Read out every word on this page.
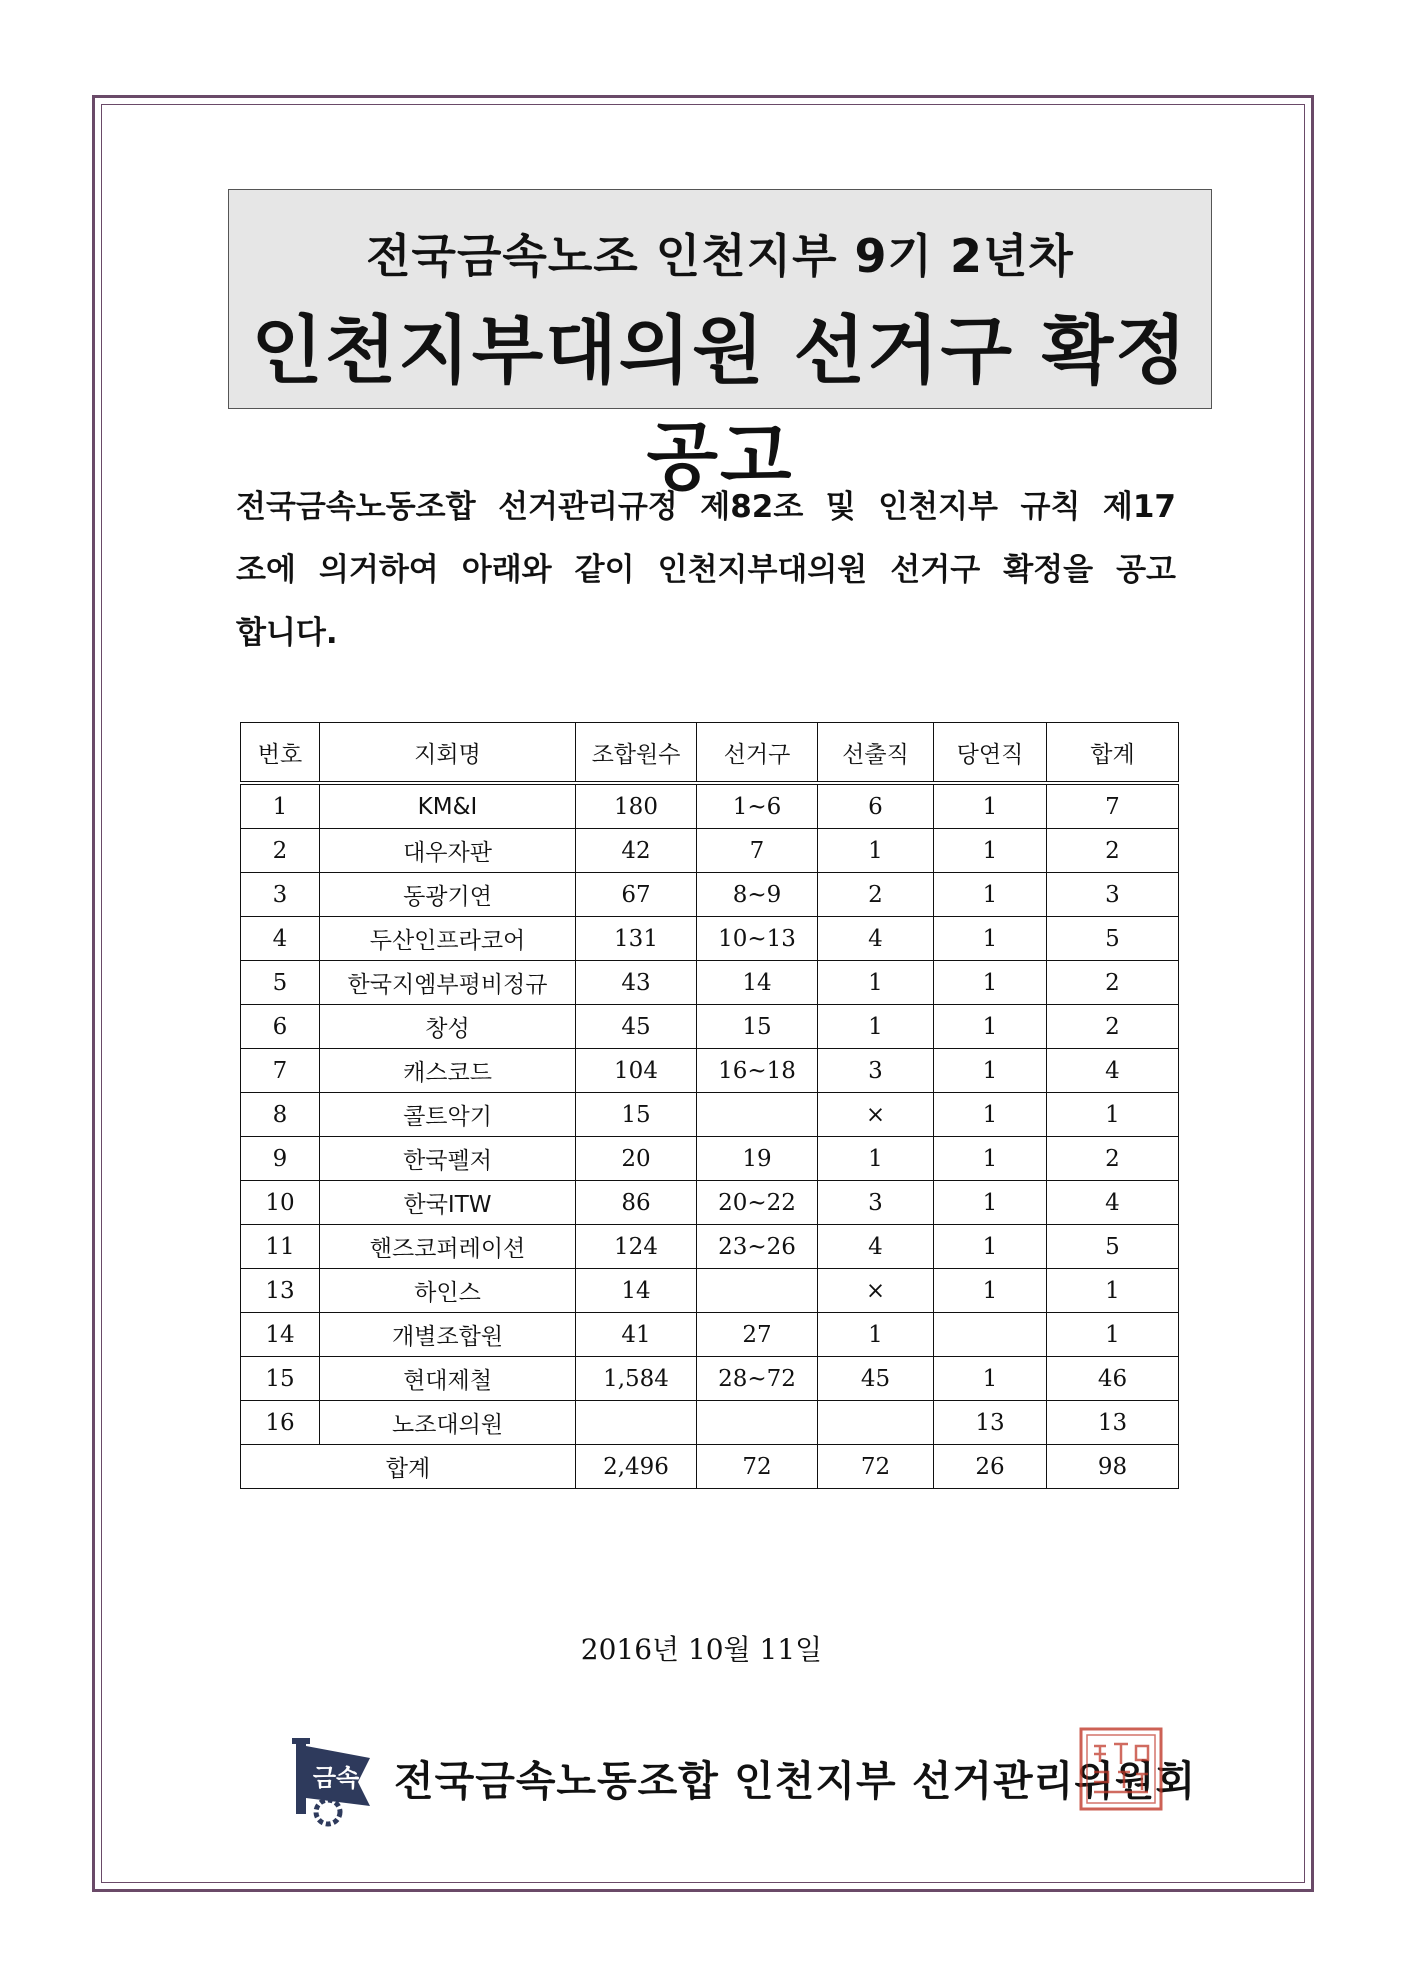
전국금속노조 인천지부 9기 2년차
인천지부대의원 선거구 확정공고

전국금속노동조합 선거관리규정 제82조 및 인천지부 규칙 제17
조에 의거하여 아래와 같이 인천지부대의원 선거구 확정을 공고
합니다.

번호	지회명	조합원수	선거구	선출직	당연직	합계
1	KM&I	180	1~6	6	1	7
2	대우자판	42	7	1	1	2
3	동광기연	67	8~9	2	1	3
4	두산인프라코어	131	10~13	4	1	5
5	한국지엠부평비정규	43	14	1	1	2
6	창성	45	15	1	1	2
7	캐스코드	104	16~18	3	1	4
8	콜트악기	15		×	1	1
9	한국펠저	20	19	1	1	2
10	한국ITW	86	20~22	3	1	4
11	핸즈코퍼레이션	124	23~26	4	1	5
13	하인스	14		×	1	1
14	개별조합원	41	27	1		1
15	현대제철	1,584	28~72	45	1	46
16	노조대의원				13	13
합계		2,496	72	72	26	98
2016년 10월 11일
금속 전국금속노동조합 인천지부 선거관리위원회
